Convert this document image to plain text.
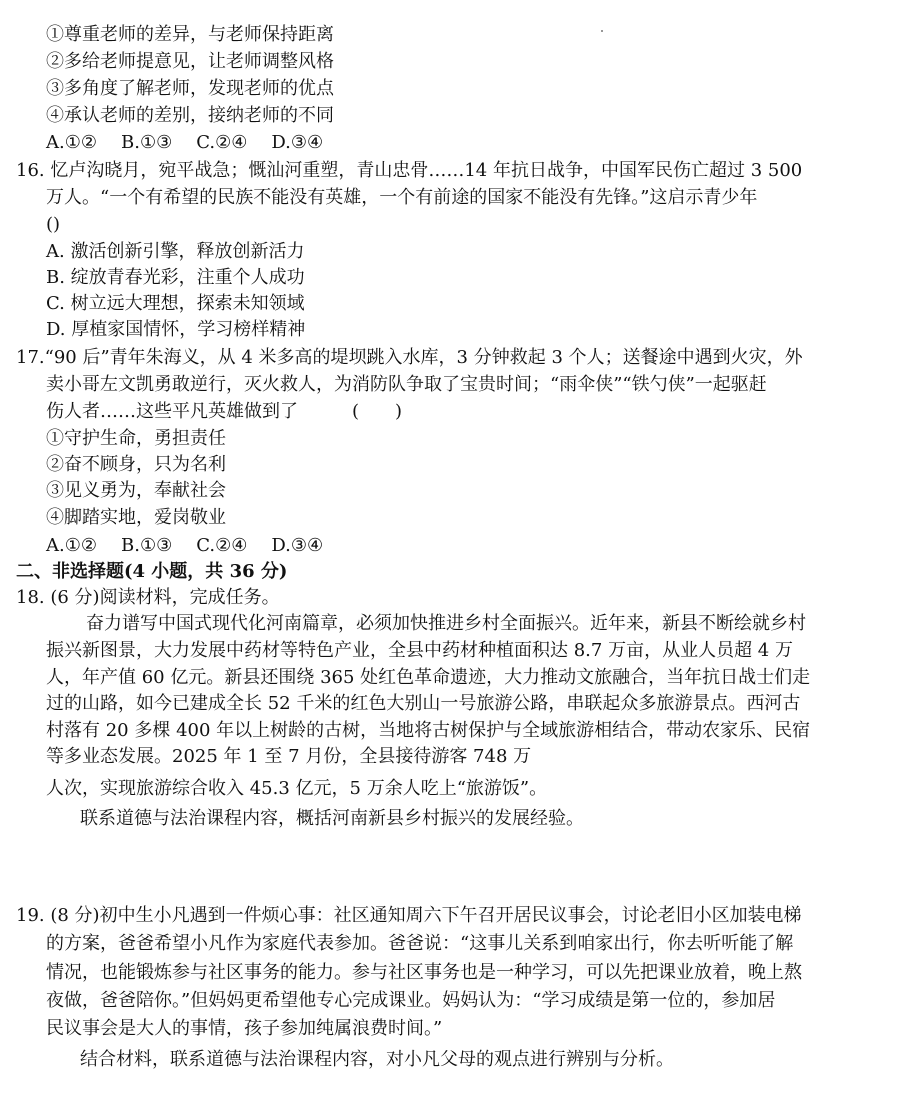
①尊重老师的差异，与老师保持距离
②多给老师提意见，让老师调整风格
③多角度了解老师，发现老师的优点
④承认老师的差别，接纳老师的不同
A.①② B.①③ C.②④ D.③④
16. 忆卢沟晓月，宛平战急；慨汕河重塑，青山忠骨……14 年抗日战争，中国军民伤亡超过 3 500
万人。“一个有希望的民族不能没有英雄，一个有前途的国家不能没有先锋。”这启示青少年
()
A. 激活创新引擎，释放创新活力
B. 绽放青春光彩，注重个人成功
C. 树立远大理想，探索未知领域
D. 厚植家国情怀，学习榜样精神
17.“90 后”青年朱海义，从 4 米多高的堤坝跳入水库，3 分钟救起 3 个人；送餐途中遇到火灾，外
卖小哥左文凯勇敢逆行，灭火救人，为消防队争取了宝贵时间；“雨伞侠”“铁勺侠”一起驱赶
伤人者……这些平凡英雄做到了　　　(　　)
①守护生命，勇担责任
②奋不顾身，只为名利
③见义勇为，奉献社会
④脚踏实地，爱岗敬业
A.①② B.①③ C.②④ D.③④
二、非选择题(4 小题，共 36 分)
18. (6 分)阅读材料，完成任务。
奋力谱写中国式现代化河南篇章，必须加快推进乡村全面振兴。近年来，新县不断绘就乡村
振兴新图景，大力发展中药材等特色产业，全县中药材种植面积达 8.7 万亩，从业人员超 4 万
人，年产值 60 亿元。新县还围绕 365 处红色革命遗迹，大力推动文旅融合，当年抗日战士们走
过的山路，如今已建成全长 52 千米的红色大别山一号旅游公路，串联起众多旅游景点。西河古
村落有 20 多棵 400 年以上树龄的古树，当地将古树保护与全域旅游相结合，带动农家乐、民宿
等多业态发展。2025 年 1 至 7 月份，全县接待游客 748 万
人次，实现旅游综合收入 45.3 亿元，5 万余人吃上“旅游饭”。
联系道德与法治课程内容，概括河南新县乡村振兴的发展经验。
19. (8 分)初中生小凡遇到一件烦心事：社区通知周六下午召开居民议事会，讨论老旧小区加装电梯
的方案，爸爸希望小凡作为家庭代表参加。爸爸说：“这事儿关系到咱家出行，你去听听能了解
情况，也能锻炼参与社区事务的能力。参与社区事务也是一种学习，可以先把课业放着，晚上熬
夜做，爸爸陪你。”但妈妈更希望他专心完成课业。妈妈认为：“学习成绩是第一位的，参加居
民议事会是大人的事情，孩子参加纯属浪费时间。”
结合材料，联系道德与法治课程内容，对小凡父母的观点进行辨别与分析。
